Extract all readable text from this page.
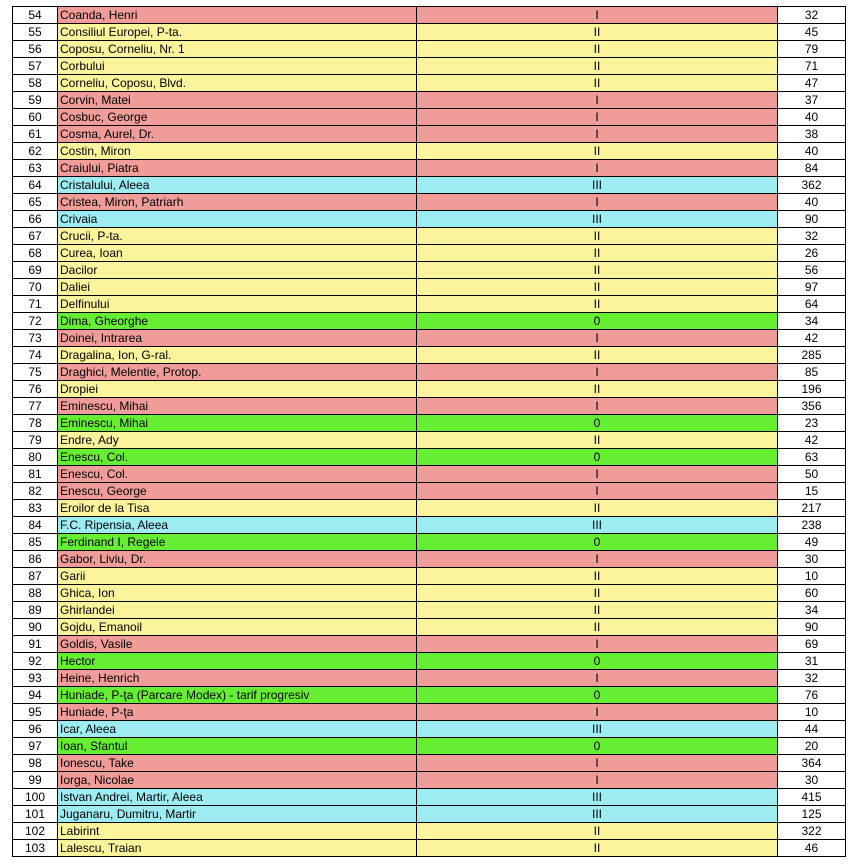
54	Coanda, Henri	I	32
55	Consiliul Europei, P-ta.	II	45
56	Coposu, Corneliu, Nr. 1	II	79
57	Corbului	II	71
58	Corneliu, Coposu, Blvd.	II	47
59	Corvin, Matei	I	37
60	Cosbuc, George	I	40
61	Cosma, Aurel, Dr.	I	38
62	Costin, Miron	II	40
63	Craiului, Piatra	I	84
64	Cristalului, Aleea	III	362
65	Cristea, Miron, Patriarh	I	40
66	Crivaia	III	90
67	Crucii, P-ta.	II	32
68	Curea, Ioan	II	26
69	Dacilor	II	56
70	Daliei	II	97
71	Delfinului	II	64
72	Dima, Gheorghe	0	34
73	Doinei, Intrarea	I	42
74	Dragalina, Ion, G-ral.	II	285
75	Draghici, Melentie, Protop.	I	85
76	Dropiei	II	196
77	Eminescu, Mihai	I	356
78	Eminescu, Mihai	0	23
79	Endre, Ady	II	42
80	Enescu, Col.	0	63
81	Enescu, Col.	I	50
82	Enescu, George	I	15
83	Eroilor de la Tisa	II	217
84	F.C. Ripensia, Aleea	III	238
85	Ferdinand I, Regele	0	49
86	Gabor, Liviu, Dr.	I	30
87	Garii	II	10
88	Ghica, Ion	II	60
89	Ghirlandei	II	34
90	Gojdu, Emanoil	II	90
91	Goldis, Vasile	I	69
92	Hector	0	31
93	Heine, Henrich	I	32
94	Huniade, P-ţa (Parcare Modex) - tarif progresiv	0	76
95	Huniade, P-ţa	I	10
96	Icar, Aleea	III	44
97	Ioan, Sfantul	0	20
98	Ionescu, Take	I	364
99	Iorga, Nicolae	I	30
100	Istvan Andrei, Martir, Aleea	III	415
101	Juganaru, Dumitru, Martir	III	125
102	Labirint	II	322
103	Lalescu, Traian	II	46
